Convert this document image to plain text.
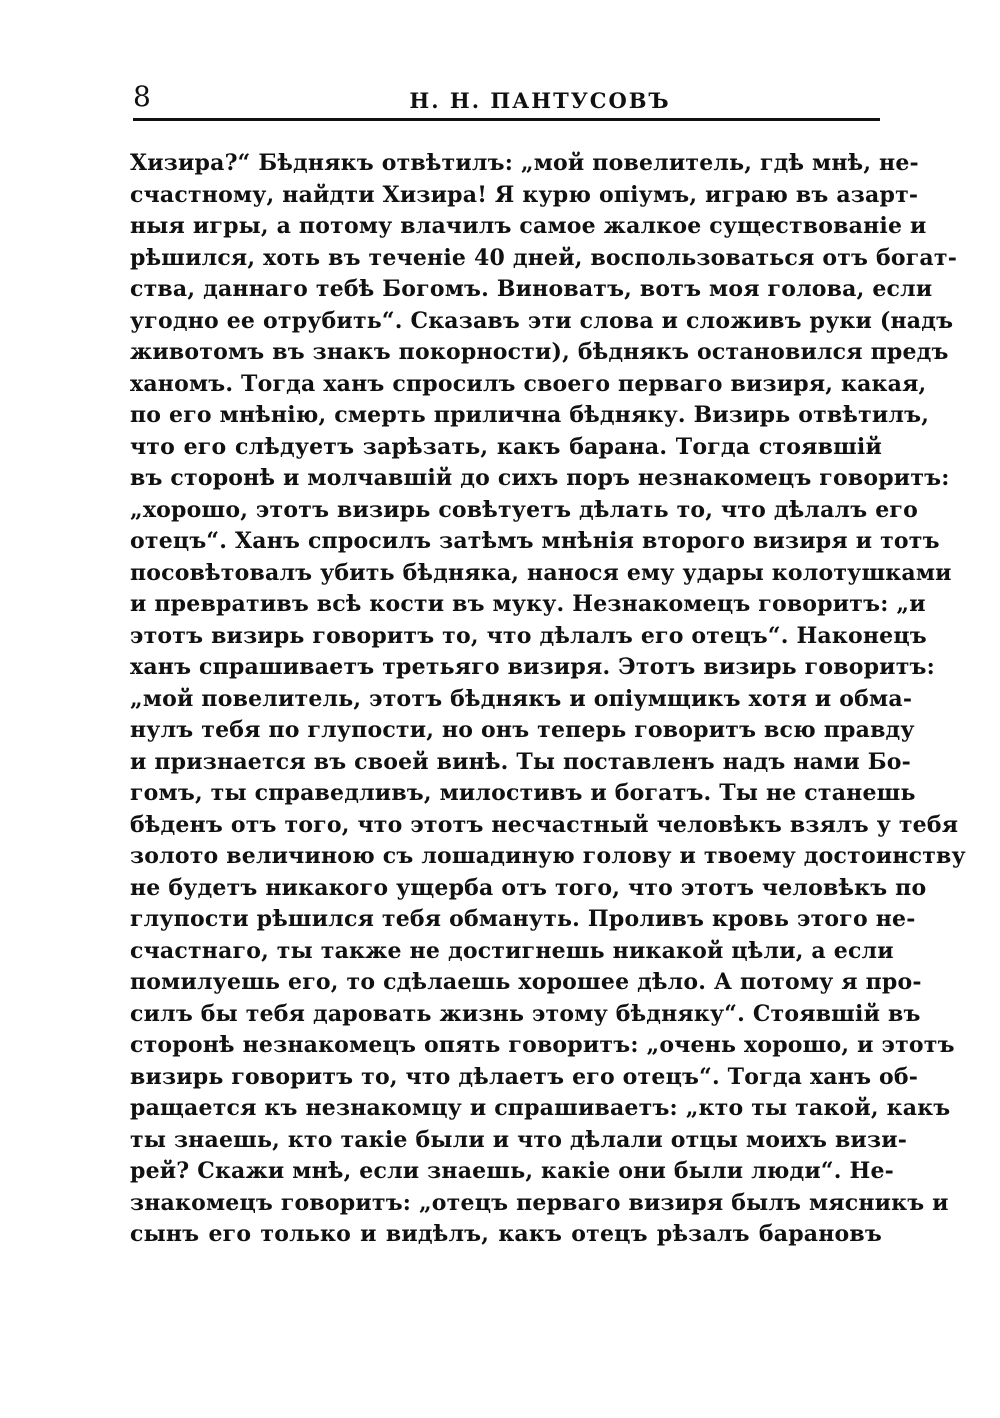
8	Н. Н. ПАНТУСОВЪ
Хизира?“ Бѣднякъ отвѣтилъ: „мой повелитель, гдѣ мнѣ, не-
счастному, найдти Хизира! Я курю опіумъ, играю въ азарт-
ныя игры, а потому влачилъ самое жалкое существованіе и
рѣшился, хоть въ теченіе 40 дней, воспользоваться отъ богат-
ства, даннаго тебѣ Богомъ. Виноватъ, вотъ моя голова, если
угодно ее отрубить“. Сказавъ эти слова и сложивъ руки (надъ
животомъ въ знакъ покорности), бѣднякъ остановился предъ
ханомъ. Тогда ханъ спросилъ своего перваго визиря, какая,
по его мнѣнію, смерть прилична бѣдняку. Визирь отвѣтилъ,
что его слѣдуетъ зарѣзать, какъ барана. Тогда стоявшій
въ сторонѣ и молчавшій до сихъ поръ незнакомецъ говоритъ:
„хорошо, этотъ визирь совѣтуетъ дѣлать то, что дѣлалъ его
отецъ“. Ханъ спросилъ затѣмъ мнѣнія второго визиря и тотъ
посовѣтовалъ убить бѣдняка, нанося ему удары колотушками
и превративъ всѣ кости въ муку. Незнакомецъ говоритъ: „и
этотъ визирь говоритъ то, что дѣлалъ его отецъ“. Наконецъ
ханъ спрашиваетъ третьяго визиря. Этотъ визирь говоритъ:
„мой повелитель, этотъ бѣднякъ и опіумщикъ хотя и обма-
нулъ тебя по глупости, но онъ теперь говоритъ всю правду
и признается въ своей винѣ. Ты поставленъ надъ нами Бо-
гомъ, ты справедливъ, милостивъ и богатъ. Ты не станешь
бѣденъ отъ того, что этотъ несчастный человѣкъ взялъ у тебя
золото величиною съ лошадиную голову и твоему достоинству
не будетъ никакого ущерба отъ того, что этотъ человѣкъ по
глупости рѣшился тебя обмануть. Проливъ кровь этого не-
счастнаго, ты также не достигнешь никакой цѣли, а если
помилуешь его, то сдѣлаешь хорошее дѣло. А потому я про-
силъ бы тебя даровать жизнь этому бѣдняку“. Стоявшій въ
сторонѣ незнакомецъ опять говоритъ: „очень хорошо, и этотъ
визирь говоритъ то, что дѣлаетъ его отецъ“. Тогда ханъ об-
ращается къ незнакомцу и спрашиваетъ: „кто ты такой, какъ
ты знаешь, кто такіе были и что дѣлали отцы моихъ визи-
рей? Скажи мнѣ, если знаешь, какіе они были люди“. Не-
знакомецъ говоритъ: „отецъ перваго визиря былъ мясникъ и
сынъ его только и видѣлъ, какъ отецъ рѣзалъ барановъ
